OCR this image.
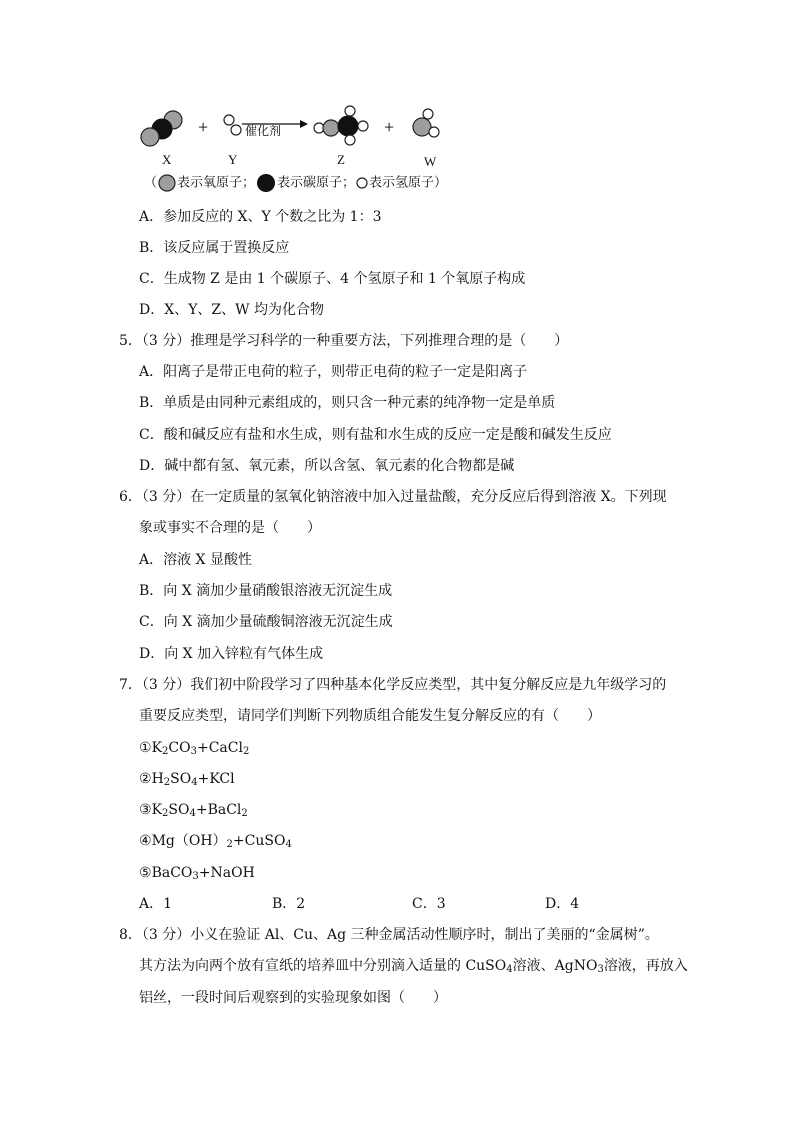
+	+
催化剂
X	Y	Z	W
（ 表示氧原子； 表示碳原子； 表示氢原子）
A．参加反应的 X、Y 个数之比为 1：3
B．该反应属于置换反应
C．生成物 Z 是由 1 个碳原子、4 个氢原子和 1 个氧原子构成
D．X、Y、Z、W 均为化合物
5．（3 分）推理是学习科学的一种重要方法，下列推理合理的是（　　）
A．阳离子是带正电荷的粒子，则带正电荷的粒子一定是阳离子
B．单质是由同种元素组成的，则只含一种元素的纯净物一定是单质
C．酸和碱反应有盐和水生成，则有盐和水生成的反应一定是酸和碱发生反应
D．碱中都有氢、氧元素，所以含氢、氧元素的化合物都是碱
6．（3 分）在一定质量的氢氧化钠溶液中加入过量盐酸，充分反应后得到溶液 X。下列现
象或事实不合理的是（　　）
A．溶液 X 显酸性
B．向 X 滴加少量硝酸银溶液无沉淀生成
C．向 X 滴加少量硫酸铜溶液无沉淀生成
D．向 X 加入锌粒有气体生成
7．（3 分）我们初中阶段学习了四种基本化学反应类型，其中复分解反应是九年级学习的
重要反应类型，请同学们判断下列物质组合能发生复分解反应的有（　　）
$①K_2CO_3+CaCl_2$
$②H_2SO_4+KCl$
$③K_2SO_4+BaCl_2$
$④Mg(OH)_2+CuSO_4$
⑤BaCO$_3$+NaOH
A．1	B．2	C．3	D．4
8．（3 分）小义在验证 Al、Cu、Ag 三种金属活动性顺序时，制出了美丽的“金属树”。
其方法为向两个放有宣纸的培养皿中分别滴入适量的 CuSO$_4$溶液、AgNO$_3$溶液，再放入
铝丝，一段时间后观察到的实验现象如图（　　）
